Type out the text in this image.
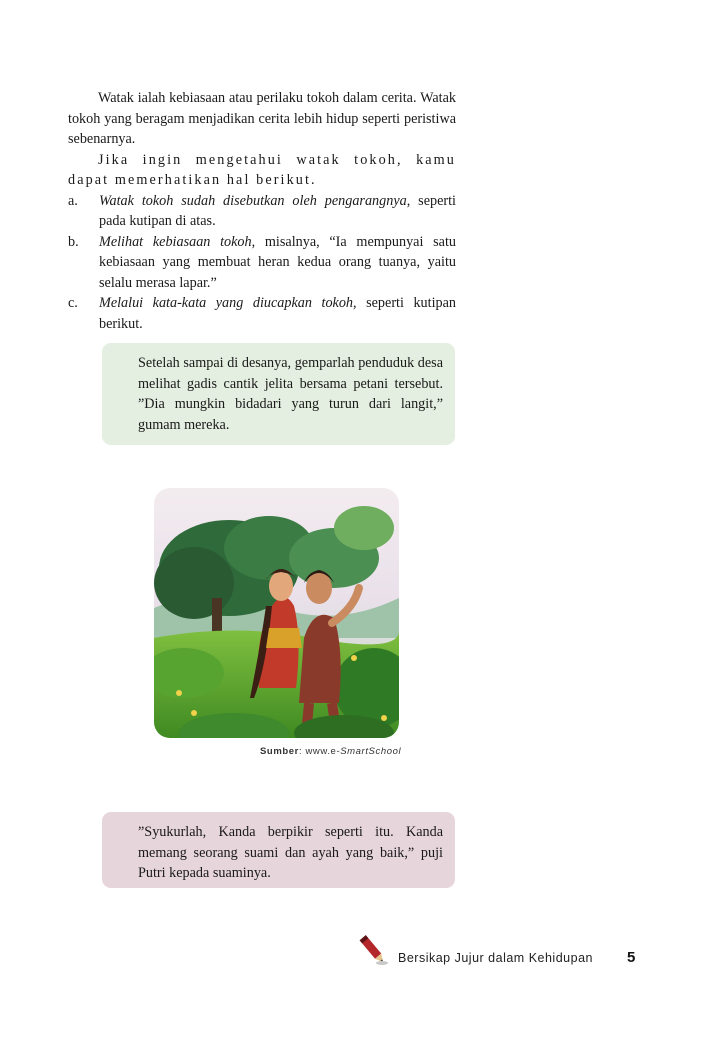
Watak ialah kebiasaan atau perilaku tokoh dalam cerita. Watak tokoh yang beragam menjadikan cerita lebih hidup seperti peristiwa sebenarnya.

Jika ingin mengetahui watak tokoh, kamu dapat memerhatikan hal berikut.

a.	Watak tokoh sudah disebutkan oleh pengarangnya, seperti pada kutipan di atas.
b.	Melihat kebiasaan tokoh, misalnya, “Ia mempunyai satu kebiasaan yang membuat heran kedua orang tuanya, yaitu selalu merasa lapar.”
c.	Melalui kata-kata yang diucapkan tokoh, seperti kutipan berikut.

Setelah sampai di desanya, gemparlah penduduk desa melihat gadis cantik jelita bersama petani tersebut. ”Dia mungkin bidadari yang turun dari langit,” gumam mereka.

Sumber: www.e-SmartSchool

”Syukurlah, Kanda berpikir seperti itu. Kanda memang seorang suami dan ayah yang baik,” puji Putri kepada suaminya.

Bersikap Jujur dalam Kehidupan 5
